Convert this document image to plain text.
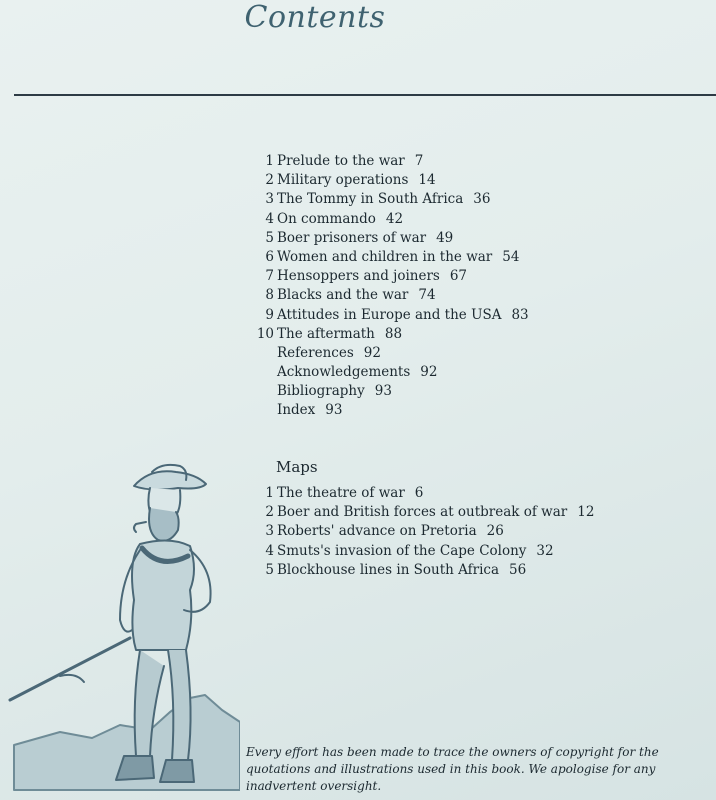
Contents
1 Prelude to the war 7
2 Military operations 14
3 The Tommy in South Africa 36
4 On commando 42
5 Boer prisoners of war 49
6 Women and children in the war 54
7 Hensoppers and joiners 67
8 Blacks and the war 74
9 Attitudes in Europe and the USA 83
10 The aftermath 88
References 92
Acknowledgements 92
Bibliography 93
Index 93
Maps
1 The theatre of war 6
2 Boer and British forces at outbreak of war 12
3 Roberts' advance on Pretoria 26
4 Smuts's invasion of the Cape Colony 32
5 Blockhouse lines in South Africa 56
Every effort has been made to trace the owners of copyright for the quotations and illustrations used in this book. We apologise for any inadvertent oversight.
